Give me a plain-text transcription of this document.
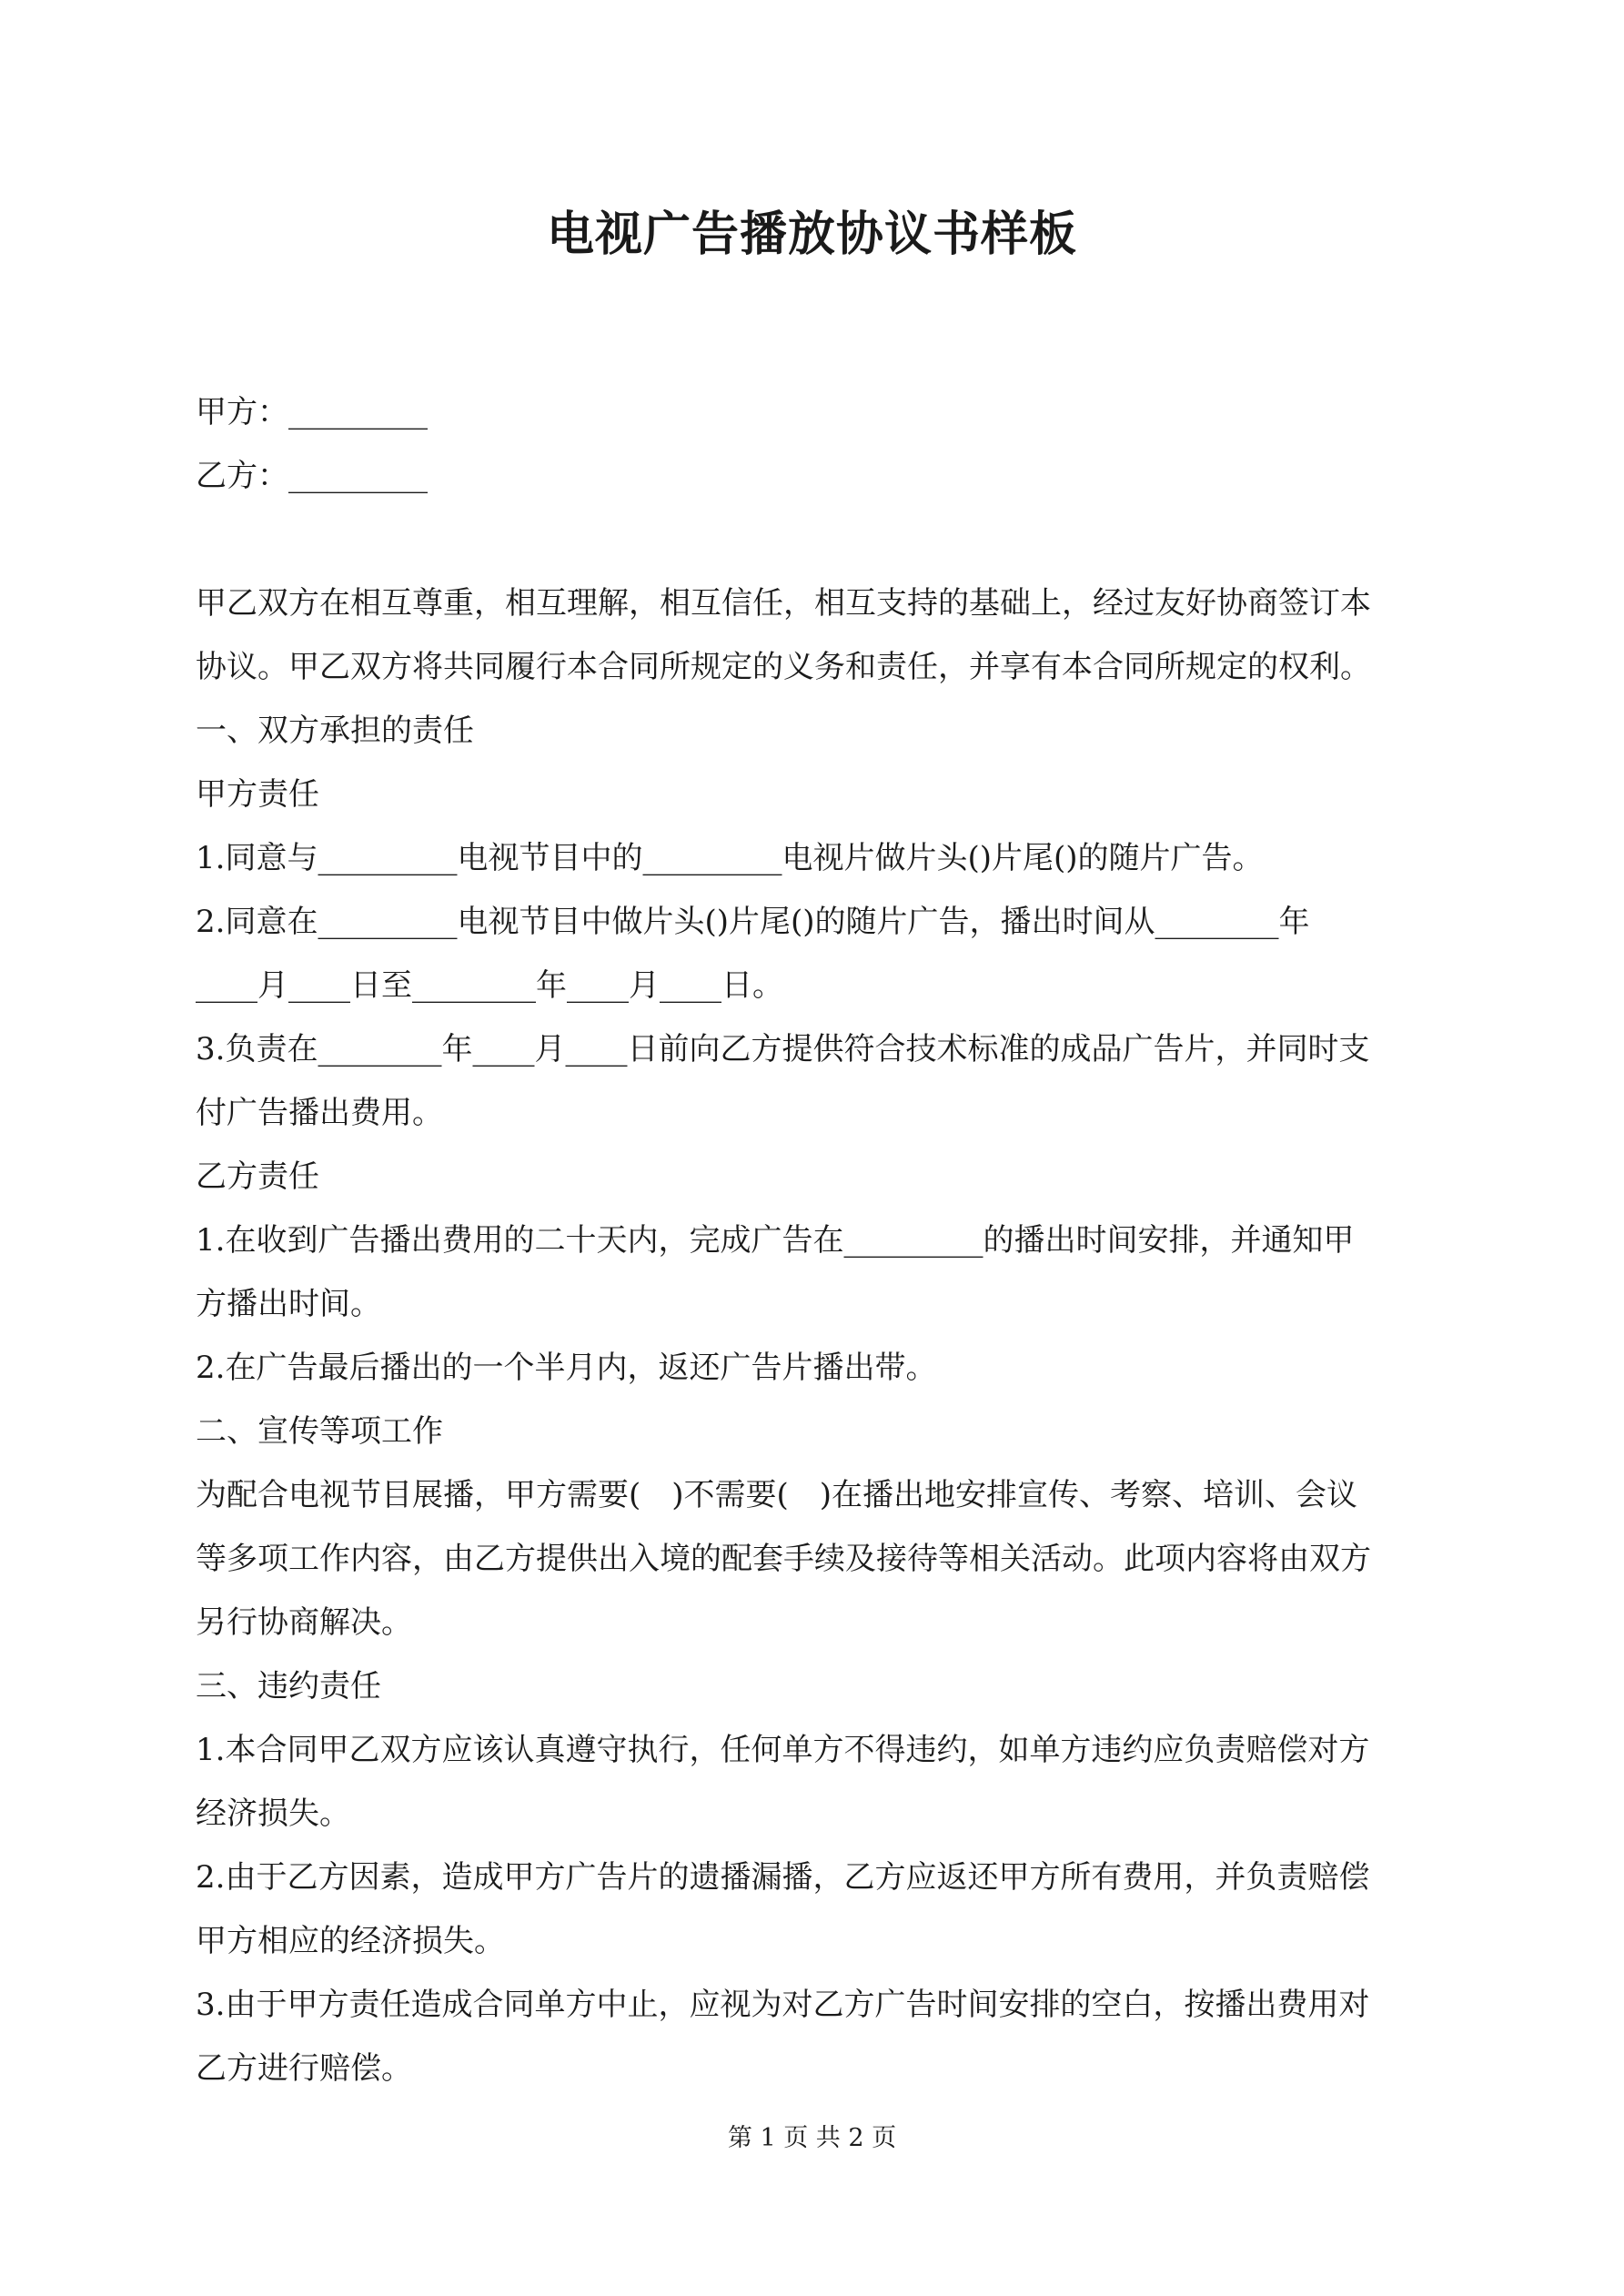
电视广告播放协议书样板
甲方：_________
乙方：_________
甲乙双方在相互尊重，相互理解，相互信任，相互支持的基础上，经过友好协商签订本
协议。甲乙双方将共同履行本合同所规定的义务和责任，并享有本合同所规定的权利。
一、双方承担的责任
甲方责任
1.同意与_________电视节目中的_________电视片做片头()片尾()的随片广告。
2.同意在_________电视节目中做片头()片尾()的随片广告，播出时间从________年
____月____日至________年____月____日。
3.负责在________年____月____日前向乙方提供符合技术标准的成品广告片，并同时支
付广告播出费用。
乙方责任
1.在收到广告播出费用的二十天内，完成广告在_________的播出时间安排，并通知甲
方播出时间。
2.在广告最后播出的一个半月内，返还广告片播出带。
二、宣传等项工作
为配合电视节目展播，甲方需要(　)不需要(　)在播出地安排宣传、考察、培训、会议
等多项工作内容，由乙方提供出入境的配套手续及接待等相关活动。此项内容将由双方
另行协商解决。
三、违约责任
1.本合同甲乙双方应该认真遵守执行，任何单方不得违约，如单方违约应负责赔偿对方
经济损失。
2.由于乙方因素，造成甲方广告片的遗播漏播，乙方应返还甲方所有费用，并负责赔偿
甲方相应的经济损失。
3.由于甲方责任造成合同单方中止，应视为对乙方广告时间安排的空白，按播出费用对
乙方进行赔偿。
第 1 页 共 2 页
